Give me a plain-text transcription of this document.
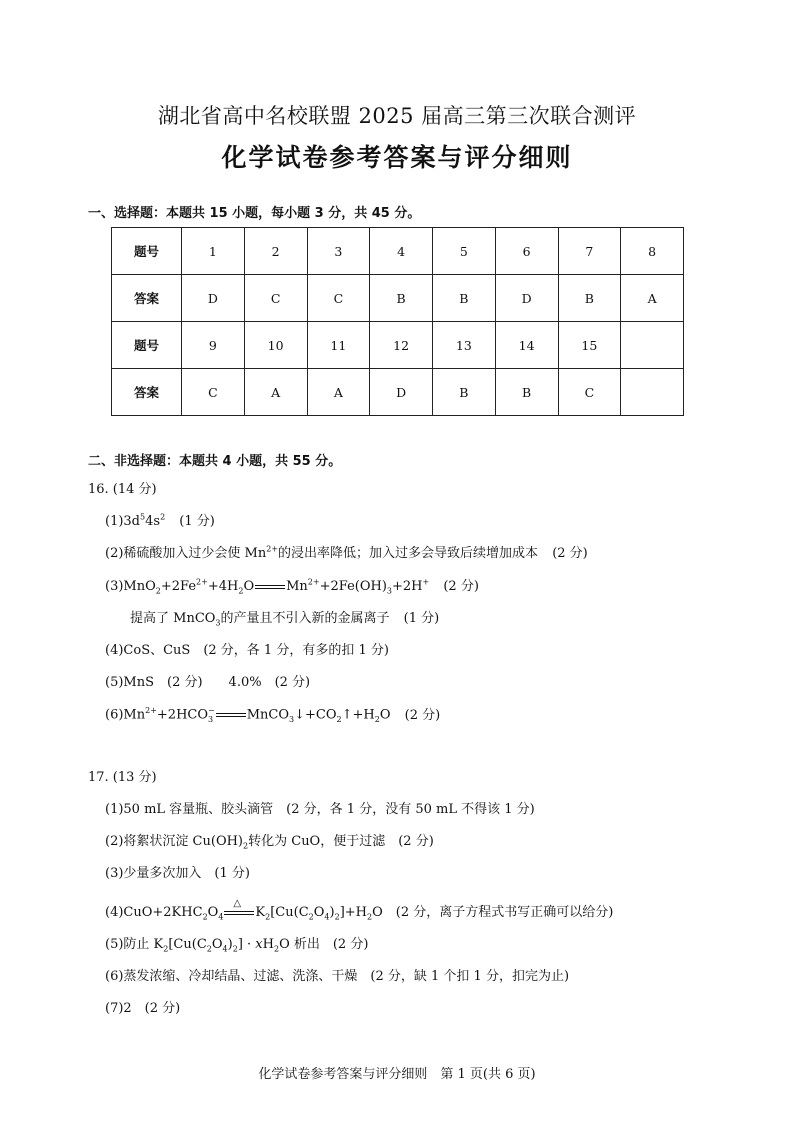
湖北省高中名校联盟 2025 届高三第三次联合测评
化学试卷参考答案与评分细则
一、选择题：本题共 15 小题，每小题 3 分，共 45 分。
题号	1	2	3	4	5	6	7	8
答案	D	C	C	B	B	D	B	A
题号	9	10	11	12	13	14	15	
答案	C	A	A	D	B	B	C	
二、非选择题：本题共 4 小题，共 55 分。
16. (14 分)
$(1)3d^54s^2$ (1 分)
(2)稀硫酸加入过少会使 $Mn^{2+}$的浸出率降低；加入过多会导致后续增加成本 (2 分)
$(3)MnO_2+2Fe^{2+}+4H_2O$ $Mn^{2+}+2Fe(OH)_3+2H^+$ (2 分)
提高了 MnCO$_3$的产量且不引入新的金属离子 (1 分)
(4)CoS、CuS　(2 分，各 1 分，有多的扣 1 分)
(5)MnS　(2 分)　　4.0%　(2 分)
$(6)Mn^{2+}+2HCO$ −
3	$MnCO_3↓+CO_2↑+H_2O$ (2 分)
17. (13 分)
(1)50 mL 容量瓶、胶头滴管　(2 分，各 1 分，没有 50 mL 不得该 1 分)
(2)将絮状沉淀 $Cu(OH)_2$转化为 CuO，便于过滤　(2 分)
(3)少量多次加入　(1 分)
$(4)CuO+2KHC_2O_4$
△
$K_2[Cu(C_2O_4)_2]+H_2O$　(2 分，离子方程式书写正确可以给分)
(5)防止 $K_2[Cu(C_2O_4)_2] \cdot xH_2O$ 析出　(2 分)
(6)蒸发浓缩、冷却结晶、过滤、洗涤、干燥　(2 分，缺 1 个扣 1 分，扣完为止)
(7)2　(2 分)
化学试卷参考答案与评分细则　第 1 页(共 6 页)
